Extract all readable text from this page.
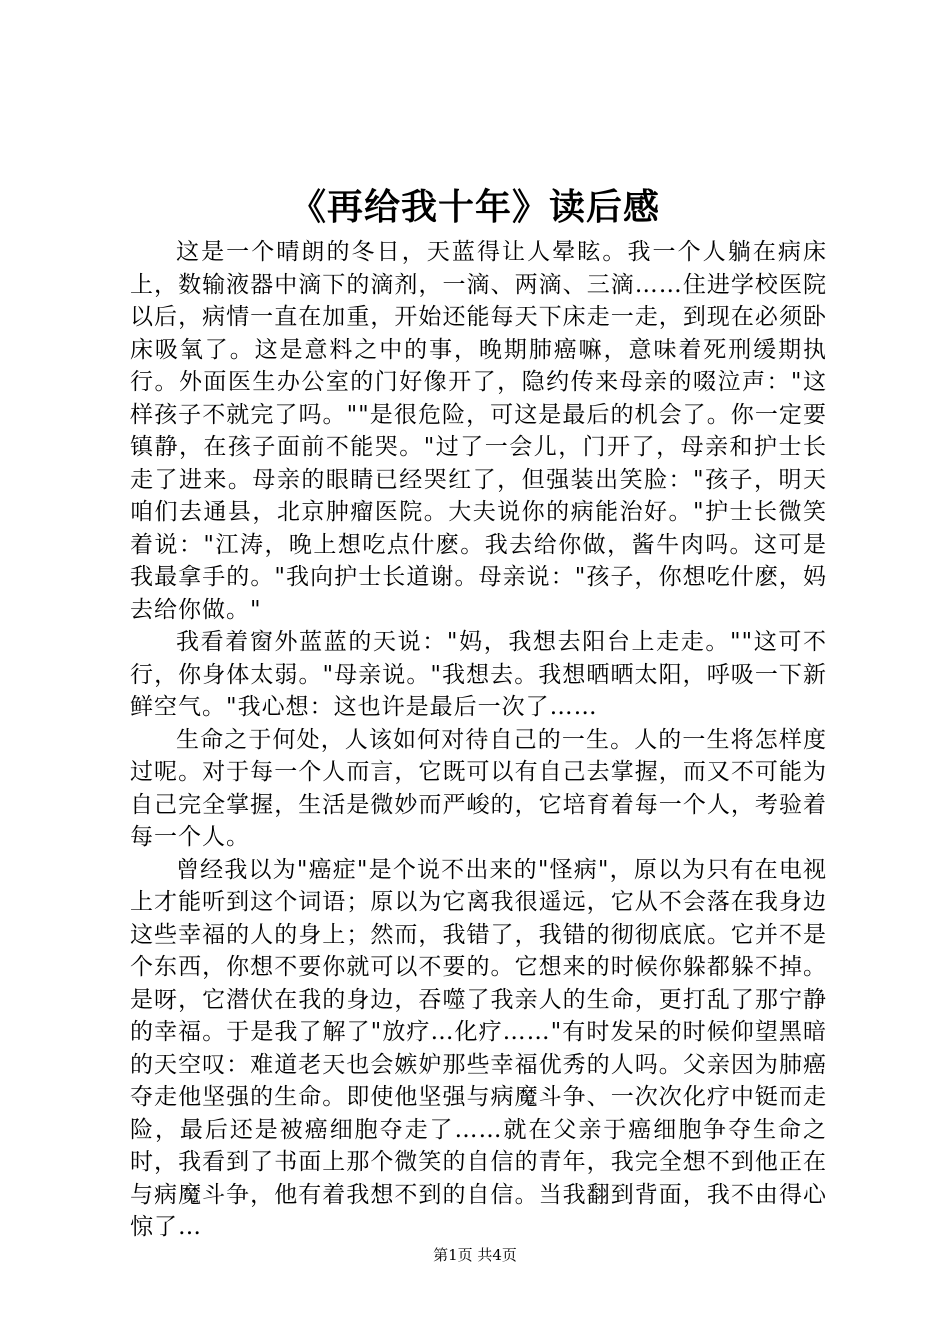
《再给我十年》读后感

这是一个晴朗的冬日，天蓝得让人晕眩。我一个人躺在病床上，数输液器中滴下的滴剂，一滴、两滴、三滴……住进学校医院以后，病情一直在加重，开始还能每天下床走一走，到现在必须卧床吸氧了。这是意料之中的事，晚期肺癌嘛，意味着死刑缓期执行。外面医生办公室的门好像开了，隐约传来母亲的啜泣声："这样孩子不就完了吗。""是很危险，可这是最后的机会了。你一定要镇静，在孩子面前不能哭。"过了一会儿，门开了，母亲和护士长走了进来。母亲的眼睛已经哭红了，但强装出笑脸："孩子，明天咱们去通县，北京肿瘤医院。大夫说你的病能治好。"护士长微笑着说："江涛，晚上想吃点什麽。我去给你做，酱牛肉吗。这可是我最拿手的。"我向护士长道谢。母亲说："孩子，你想吃什麽，妈去给你做。"

我看着窗外蓝蓝的天说："妈，我想去阳台上走走。""这可不行，你身体太弱。"母亲说。"我想去。我想晒晒太阳，呼吸一下新鲜空气。"我心想：这也许是最后一次了……

生命之于何处，人该如何对待自己的一生。人的一生将怎样度过呢。对于每一个人而言，它既可以有自己去掌握，而又不可能为自己完全掌握，生活是微妙而严峻的，它培育着每一个人，考验着每一个人。

曾经我以为"癌症"是个说不出来的"怪病"，原以为只有在电视上才能听到这个词语；原以为它离我很遥远，它从不会落在我身边这些幸福的人的身上；然而，我错了，我错的彻彻底底。它并不是个东西，你想不要你就可以不要的。它想来的时候你躲都躲不掉。是呀，它潜伏在我的身边，吞噬了我亲人的生命，更打乱了那宁静的幸福。于是我了解了"放疗…化疗……"有时发呆的时候仰望黑暗的天空叹：难道老天也会嫉妒那些幸福优秀的人吗。父亲因为肺癌夺走他坚强的生命。即使他坚强与病魔斗争、一次次化疗中铤而走险，最后还是被癌细胞夺走了……就在父亲于癌细胞争夺生命之时，我看到了书面上那个微笑的自信的青年，我完全想不到他正在与病魔斗争，他有着我想不到的自信。当我翻到背面，我不由得心惊了…

第1页 共4页
